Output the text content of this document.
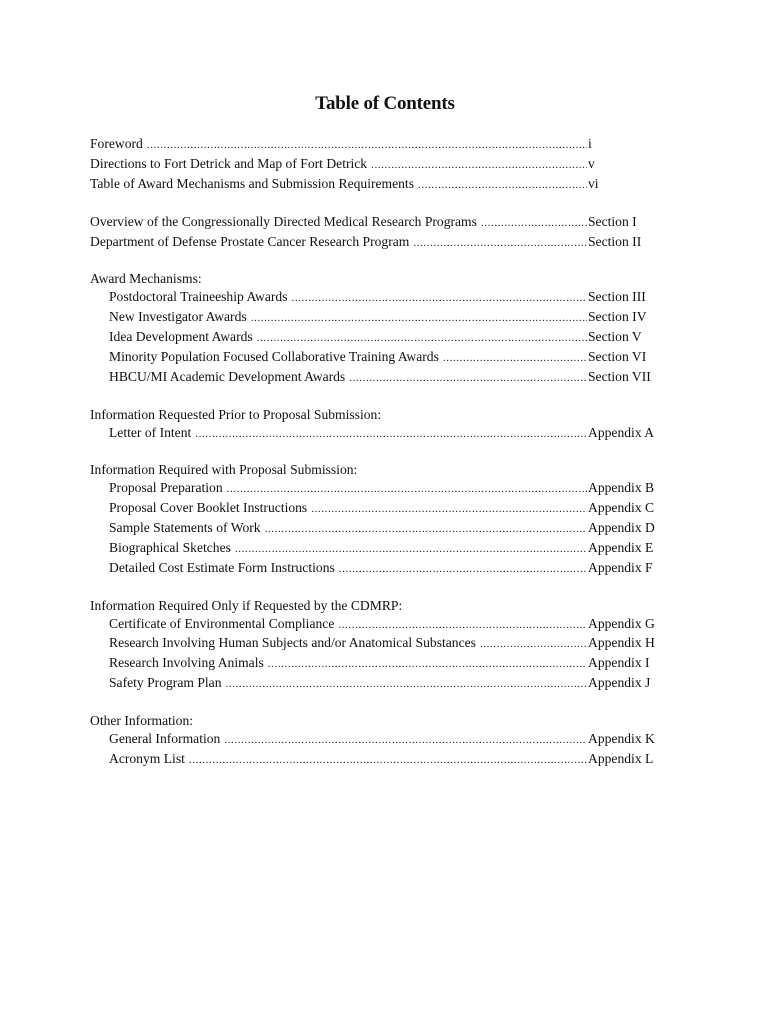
Table of Contents
Foreword .....	i
Directions to Fort Detrick and Map of Fort Detrick .....	v
Table of Award Mechanisms and Submission Requirements .....	vi
Overview of the Congressionally Directed Medical Research Programs .....	Section I
Department of Defense Prostate Cancer Research Program .....	Section II
Award Mechanisms:
Postdoctoral Traineeship Awards .....	Section III
New Investigator Awards .....	Section IV
Idea Development Awards .....	Section V
Minority Population Focused Collaborative Training Awards .....	Section VI
HBCU/MI Academic Development Awards .....	Section VII
Information Requested Prior to Proposal Submission:
Letter of Intent .....	Appendix A
Information Required with Proposal Submission:
Proposal Preparation .....	Appendix B
Proposal Cover Booklet Instructions .....	Appendix C
Sample Statements of Work .....	Appendix D
Biographical Sketches .....	Appendix E
Detailed Cost Estimate Form Instructions .....	Appendix F
Information Required Only if Requested by the CDMRP:
Certificate of Environmental Compliance .....	Appendix G
Research Involving Human Subjects and/or Anatomical Substances .....	Appendix H
Research Involving Animals .....	Appendix I
Safety Program Plan .....	Appendix J
Other Information:
General Information .....	Appendix K
Acronym List .....	Appendix L
